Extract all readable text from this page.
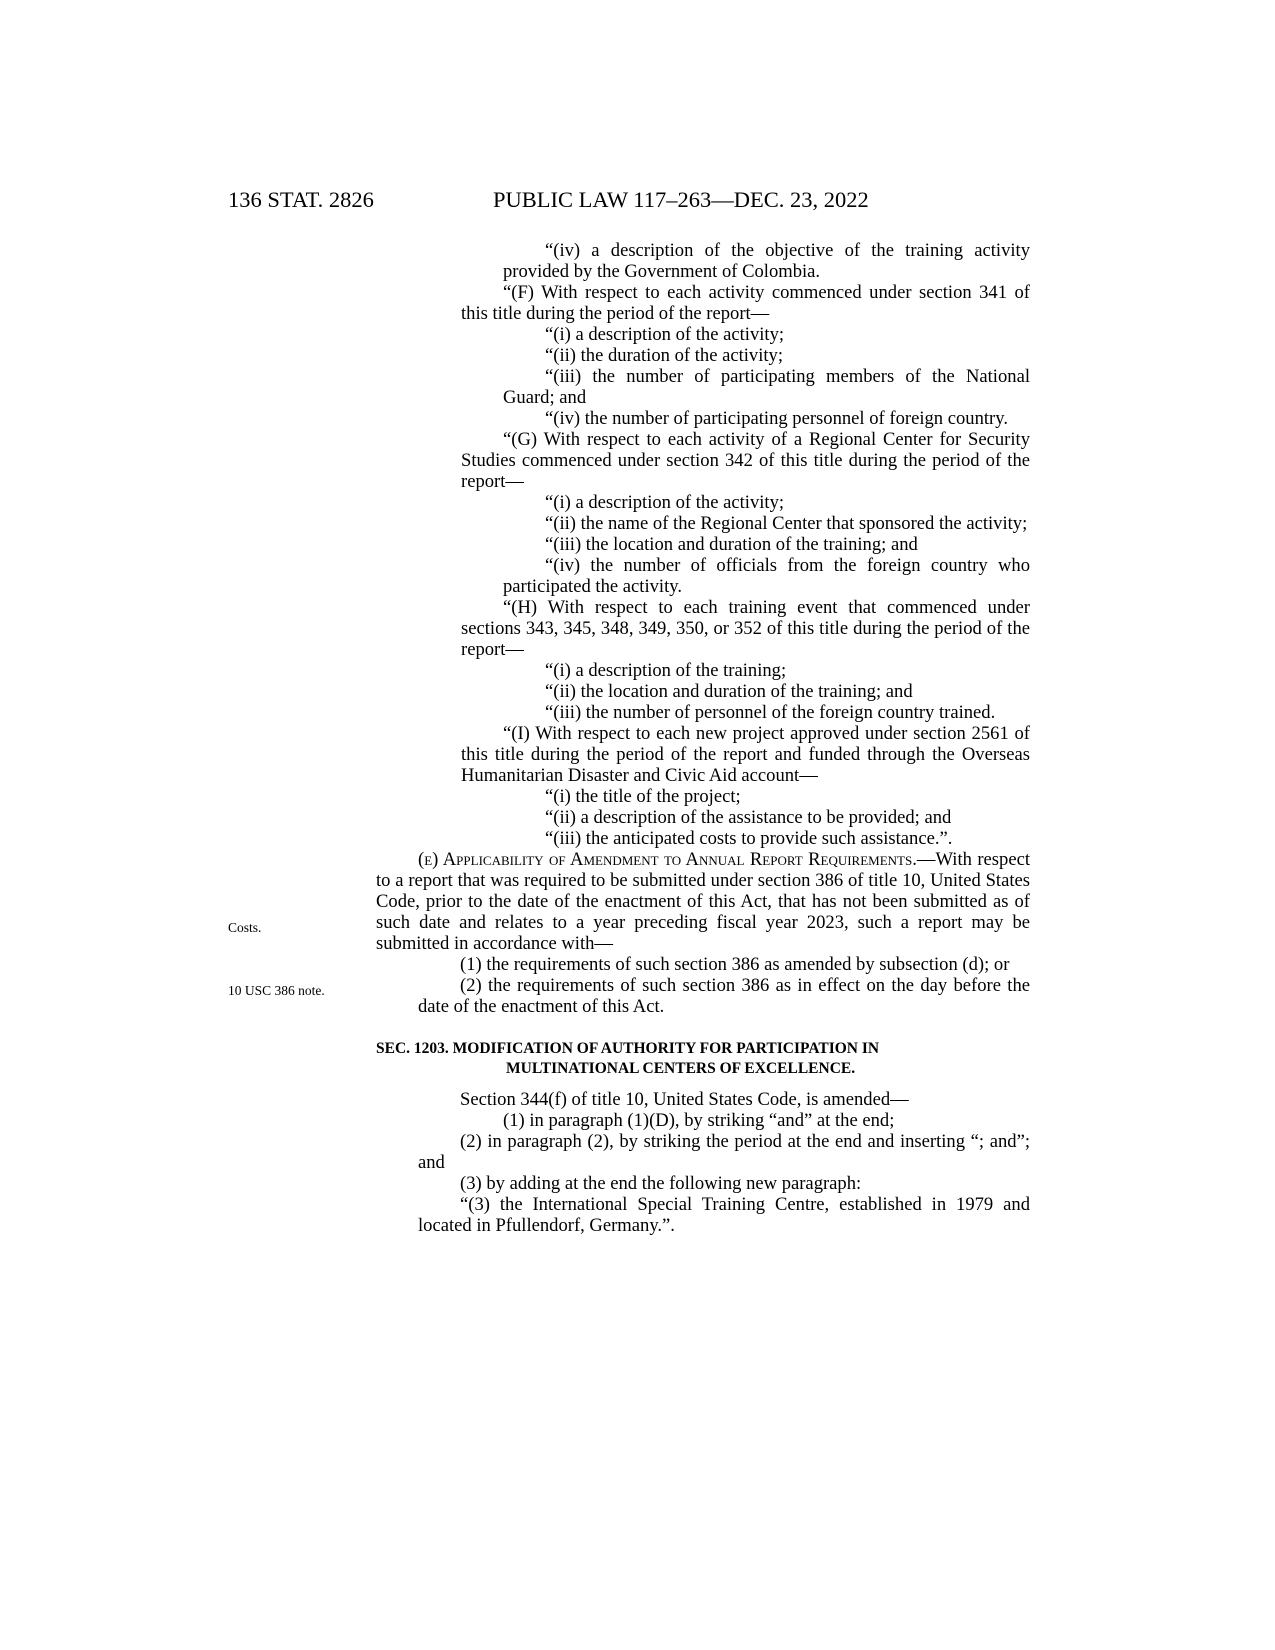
136 STAT. 2826	PUBLIC LAW 117–263—DEC. 23, 2022
Costs.
10 USC 386 note.

“(iv) a description of the objective of the training activity provided by the Government of Colombia.

“(F) With respect to each activity commenced under section 341 of this title during the period of the report—

“(i) a description of the activity;

“(ii) the duration of the activity;

“(iii) the number of participating members of the National Guard; and

“(iv) the number of participating personnel of foreign country.

“(G) With respect to each activity of a Regional Center for Security Studies commenced under section 342 of this title during the period of the report—

“(i) a description of the activity;

“(ii) the name of the Regional Center that sponsored the activity;

“(iii) the location and duration of the training; and

“(iv) the number of officials from the foreign country who participated the activity.

“(H) With respect to each training event that commenced under sections 343, 345, 348, 349, 350, or 352 of this title during the period of the report—

“(i) a description of the training;

“(ii) the location and duration of the training; and

“(iii) the number of personnel of the foreign country trained.

“(I) With respect to each new project approved under section 2561 of this title during the period of the report and funded through the Overseas Humanitarian Disaster and Civic Aid account—

“(i) the title of the project;

“(ii) a description of the assistance to be provided; and

“(iii) the anticipated costs to provide such assistance.”.

(e) Applicability of Amendment to Annual Report Requirements.—With respect to a report that was required to be submitted under section 386 of title 10, United States Code, prior to the date of the enactment of this Act, that has not been submitted as of such date and relates to a year preceding fiscal year 2023, such a report may be submitted in accordance with—

(1) the requirements of such section 386 as amended by subsection (d); or

(2) the requirements of such section 386 as in effect on the day before the date of the enactment of this Act.

SEC. 1203. MODIFICATION OF AUTHORITY FOR PARTICIPATION IN
MULTINATIONAL CENTERS OF EXCELLENCE.

Section 344(f) of title 10, United States Code, is amended—

(1) in paragraph (1)(D), by striking “and” at the end;

(2) in paragraph (2), by striking the period at the end and inserting “; and”; and

(3) by adding at the end the following new paragraph:

“(3) the International Special Training Centre, established in 1979 and located in Pfullendorf, Germany.”.
